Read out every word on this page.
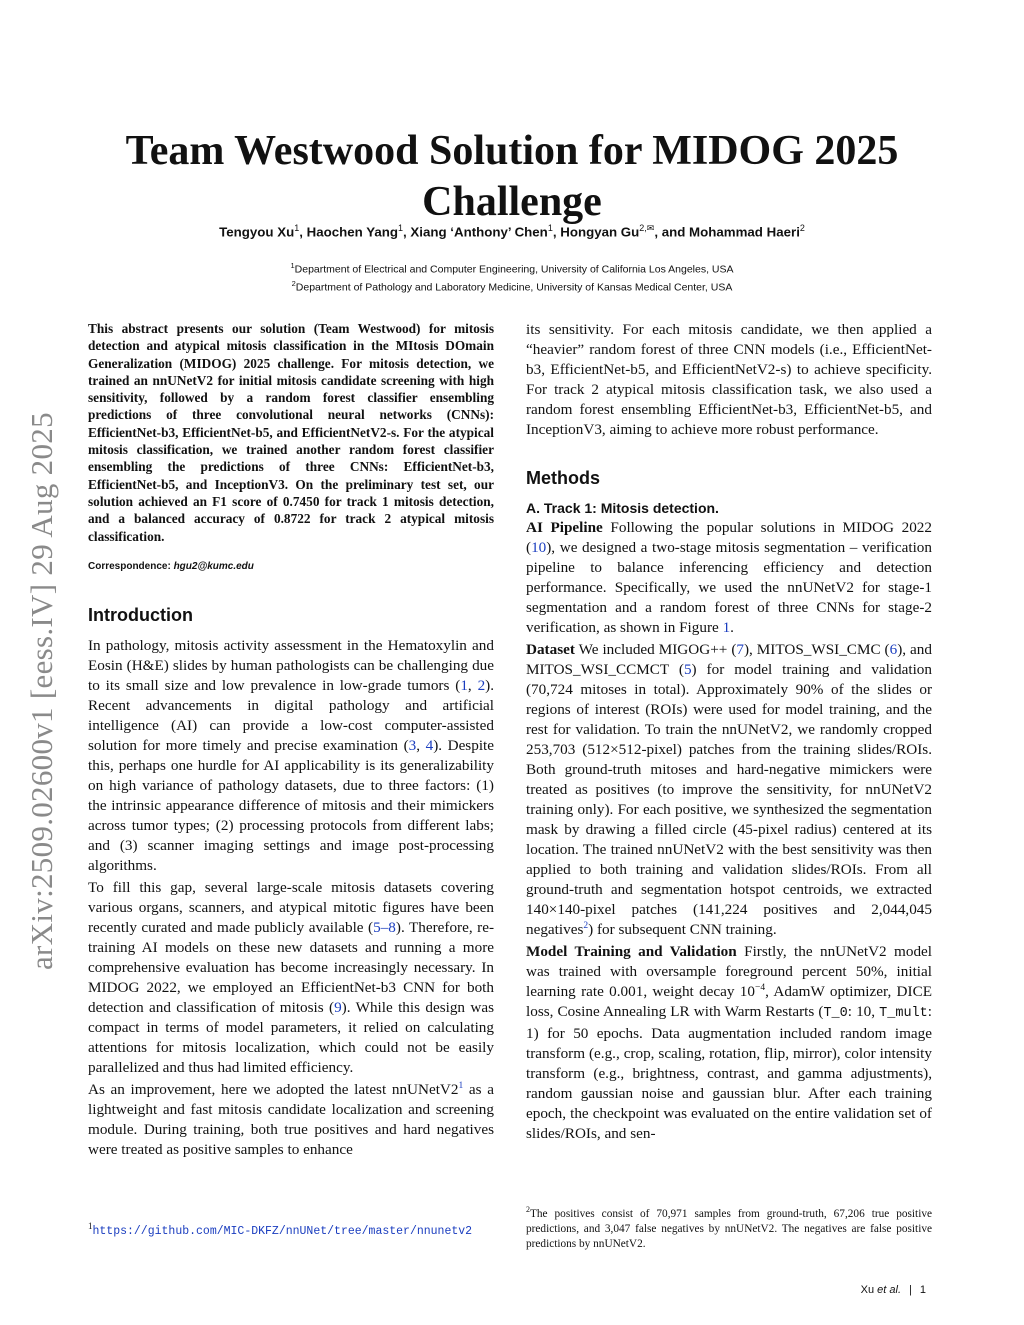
arXiv:2509.02600v1 [eess.IV] 29 Aug 2025
Team Westwood Solution for MIDOG 2025 Challenge
Tengyou Xu$^1$, Haochen Yang$^1$, Xiang ‘Anthony’ Chen$^1$, Hongyan $Gu^{2,✉}$, and Mohammad Haeri$^2$
$^1$Department of Electrical and Computer Engineering, University of California Los Angeles, USA
$^2$Department of Pathology and Laboratory Medicine, University of Kansas Medical Center, USA

This abstract presents our solution (Team Westwood) for mitosis detection and atypical mitosis classification in the MItosis DOmain Generalization (MIDOG) 2025 challenge. For mitosis detection, we trained an nnUNetV2 for initial mitosis candidate screening with high sensitivity, followed by a random forest classifier ensembling predictions of three convolutional neural networks (CNNs): EfficientNet-b3, EfficientNet-b5, and EfficientNetV2-s. For the atypical mitosis classification, we trained another random forest classifier ensembling the predictions of three CNNs: EfficientNet-b3, EfficientNet-b5, and InceptionV3. On the preliminary test set, our solution achieved an F1 score of 0.7450 for track 1 mitosis detection, and a balanced accuracy of 0.8722 for track 2 atypical mitosis classification.

Correspondence: hgu2@kumc.edu

Introduction

In pathology, mitosis activity assessment in the Hematoxylin and Eosin (H&E) slides by human pathologists can be challenging due to its small size and low prevalence in low-grade tumors (1, 2). Recent advancements in digital pathology and artificial intelligence (AI) can provide a low-cost computer-assisted solution for more timely and precise examination (3, 4). Despite this, perhaps one hurdle for AI applicability is its generalizability on high variance of pathology datasets, due to three factors: (1) the intrinsic appearance difference of mitosis and their mimickers across tumor types; (2) processing protocols from different labs; and (3) scanner imaging settings and image post-processing algorithms.

To fill this gap, several large-scale mitosis datasets covering various organs, scanners, and atypical mitotic figures have been recently curated and made publicly available (5–8). Therefore, re-training AI models on these new datasets and running a more comprehensive evaluation has become increasingly necessary. In MIDOG 2022, we employed an EfficientNet-b3 CNN for both detection and classification of mitosis (9). While this design was compact in terms of model parameters, it relied on calculating attentions for mitosis localization, which could not be easily parallelized and thus had limited efficiency.

As an improvement, here we adopted the latest nnUNetV2$^1$ as a lightweight and fast mitosis candidate localization and screening module. During training, both true positives and hard negatives were treated as positive samples to enhance

its sensitivity. For each mitosis candidate, we then applied a “heavier” random forest of three CNN models (i.e., EfficientNet-b3, EfficientNet-b5, and EfficientNetV2-s) to achieve specificity. For track 2 atypical mitosis classification task, we also used a random forest ensembling EfficientNet-b3, EfficientNet-b5, and InceptionV3, aiming to achieve more robust performance.

Methods
A. Track 1: Mitosis detection.

AI Pipeline Following the popular solutions in MIDOG 2022 (10), we designed a two-stage mitosis segmentation – verification pipeline to balance inferencing efficiency and detection performance. Specifically, we used the nnUNetV2 for stage-1 segmentation and a random forest of three CNNs for stage-2 verification, as shown in Figure 1.

Dataset We included MIGOG++ (7), MITOS_WSI_CMC (6), and MITOS_WSI_CCMCT (5) for model training and validation (70,724 mitoses in total). Approximately 90% of the slides or regions of interest (ROIs) were used for model training, and the rest for validation. To train the nnUNetV2, we randomly cropped 253,703 (512×512-pixel) patches from the training slides/ROIs. Both ground-truth mitoses and hard-negative mimickers were treated as positives (to improve the sensitivity, for nnUNetV2 training only). For each positive, we synthesized the segmentation mask by drawing a filled circle (45-pixel radius) centered at its location. The trained nnUNetV2 with the best sensitivity was then applied to both training and validation slides/ROIs. From all ground-truth and segmentation hotspot centroids, we extracted 140×140-pixel patches (141,224 positives and 2,044,045 negatives$^2$) for subsequent CNN training.

Model Training and Validation Firstly, the nnUNetV2 model was trained with oversample foreground percent 50%, initial learning rate 0.001, weight decay 10$^{-4}$, AdamW optimizer, DICE loss, Cosine Annealing LR with Warm Restarts (T_0: 10, T_mult: 1) for 50 epochs. Data augmentation included random image transform (e.g., crop, scaling, rotation, flip, mirror), color intensity transform (e.g., brightness, contrast, and gamma adjustments), random gaussian noise and gaussian blur. After each training epoch, the checkpoint was evaluated on the entire validation set of slides/ROIs, and sen-

$^1$https://github.com/MIC-DKFZ/nnUNet/tree/master/nnunetv2
$^2$The positives consist of 70,971 samples from ground-truth, 67,206 true positive predictions, and 3,047 false negatives by nnUNetV2. The negatives are false positive predictions by nnUNetV2.
Xu et al. | 1
